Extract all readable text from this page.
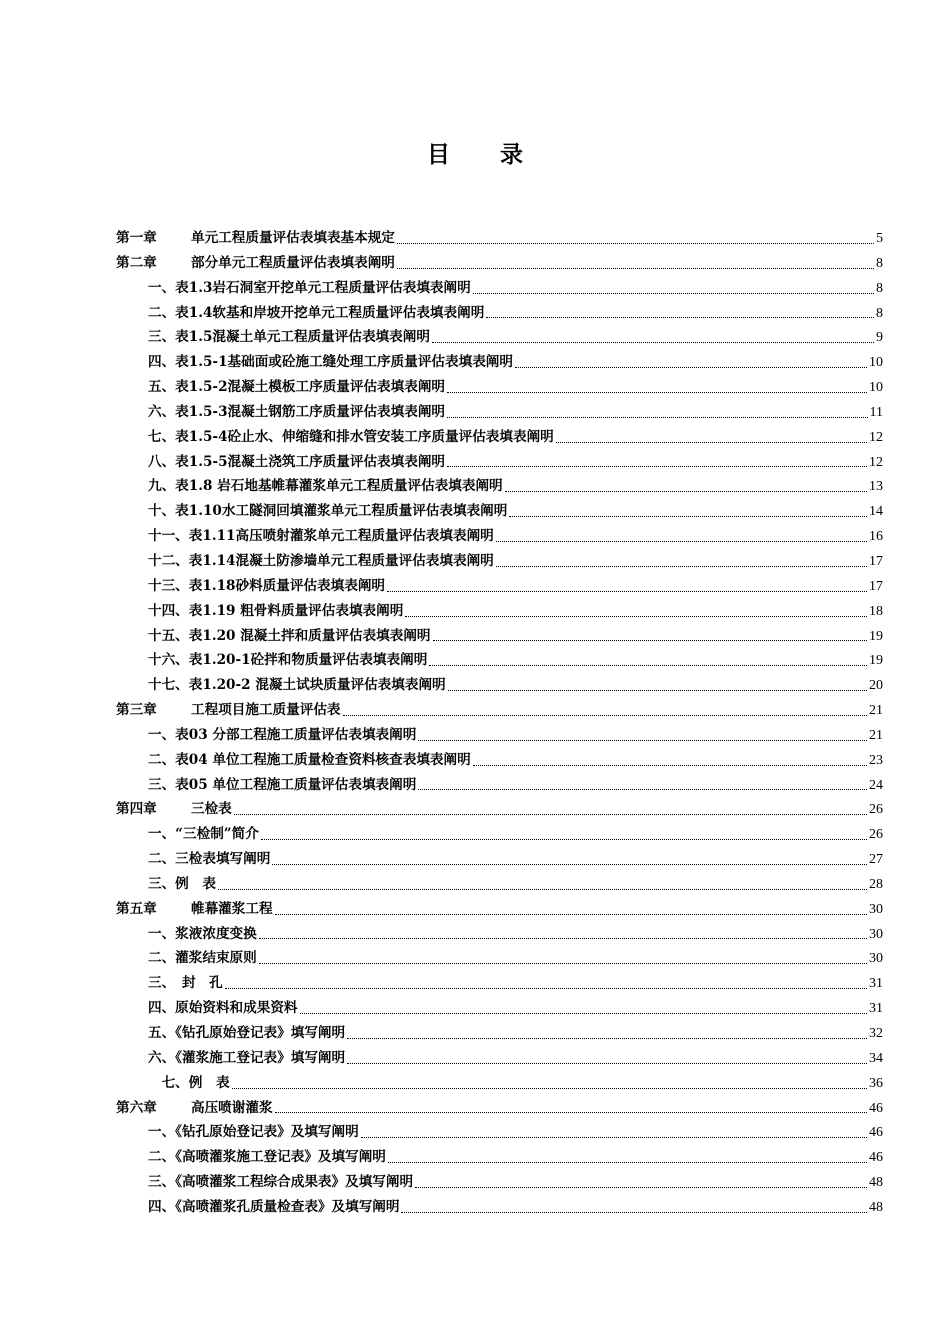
目 录
第一章	单元工程质量评估表填表基本规定	5
第二章	部分单元工程质量评估表填表阐明	8
一、表1.3岩石洞室开挖单元工程质量评估表填表阐明	8
二、表1.4软基和岸坡开挖单元工程质量评估表填表阐明	8
三、表1.5混凝土单元工程质量评估表填表阐明	9
四、表1.5-1基础面或砼施工缝处理工序质量评估表填表阐明	10
五、表1.5-2混凝土模板工序质量评估表填表阐明	10
六、表1.5-3混凝土钢筋工序质量评估表填表阐明	11
七、表1.5-4砼止水、伸缩缝和排水管安装工序质量评估表填表阐明	12
八、表1.5-5混凝土浇筑工序质量评估表填表阐明	12
九、表1.8 岩石地基帷幕灌浆单元工程质量评估表填表阐明	13
十、表1.10水工隧洞回填灌浆单元工程质量评估表填表阐明	14
十一、表1.11高压喷射灌浆单元工程质量评估表填表阐明	16
十二、表1.14混凝土防渗墙单元工程质量评估表填表阐明	17
十三、表1.18砂料质量评估表填表阐明	17
十四、表1.19 粗骨料质量评估表填表阐明	18
十五、表1.20 混凝土拌和质量评估表填表阐明	19
十六、表1.20-1砼拌和物质量评估表填表阐明	19
十七、表1.20-2 混凝土试块质量评估表填表阐明	20
第三章	工程项目施工质量评估表	21
一、表03 分部工程施工质量评估表填表阐明	21
二、表04 单位工程施工质量检查资料核查表填表阐明	23
三、表05 单位工程施工质量评估表填表阐明	24
第四章	三检表	26
一、“三检制”简介	26
二、三检表填写阐明	27
三、例　表	28
第五章	帷幕灌浆工程	30
一、浆液浓度变换	30
二、灌浆结束原则	30
三、　封　孔	31
四、原始资料和成果资料	31
五、《钻孔原始登记表》填写阐明	32
六、《灌浆施工登记表》填写阐明	34
　七、例　表	36
第六章	高压喷谢灌浆	46
一、《钻孔原始登记表》及填写阐明	46
二、《高喷灌浆施工登记表》及填写阐明	46
三、《高喷灌浆工程综合成果表》及填写阐明	48
四、《高喷灌浆孔质量检查表》及填写阐明	48
